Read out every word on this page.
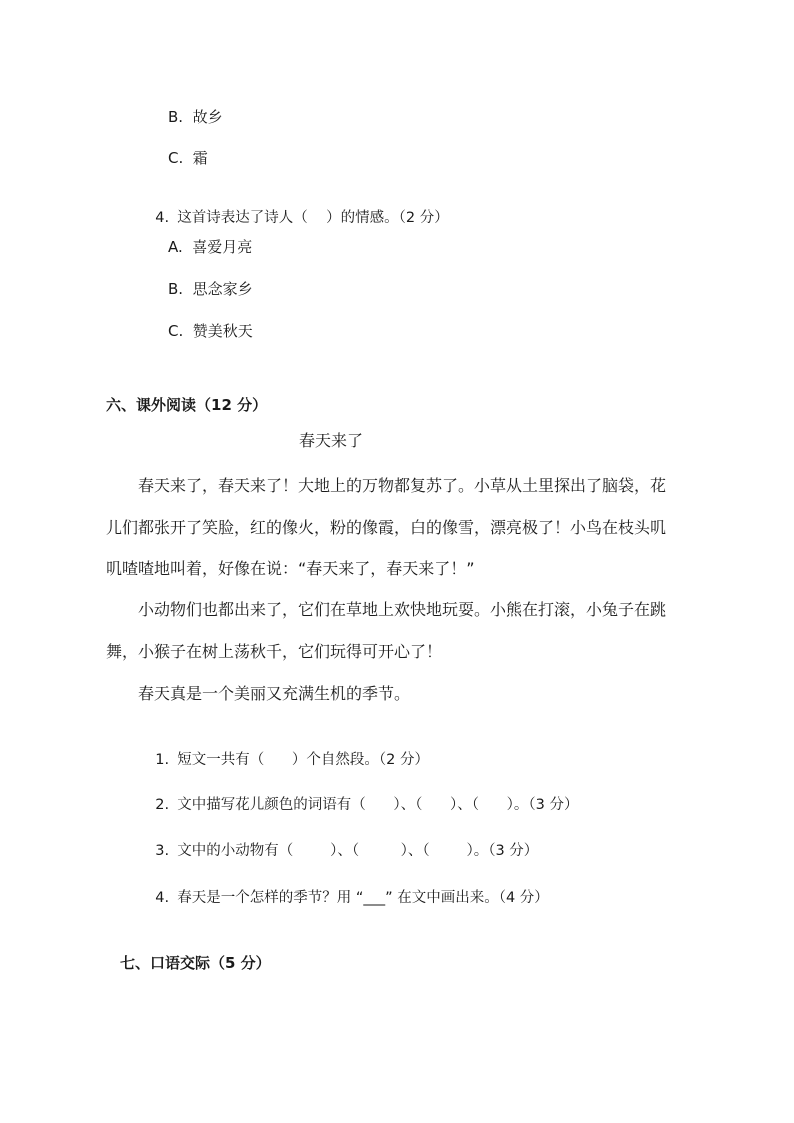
B.  故乡
C.  霜

4. 这首诗表达了诗人（    ）的情感。（2 分）

A.  喜爱月亮
B.  思念家乡
C.  赞美秋天
六、课外阅读（12 分）
春天来了
春天来了，春天来了！大地上的万物都复苏了。小草从土里探出了脑袋，花
儿们都张开了笑脸，红的像火，粉的像霞，白的像雪，漂亮极了！小鸟在枝头叽
叽喳喳地叫着，好像在说：“春天来了，春天来了！”
小动物们也都出来了，它们在草地上欢快地玩耍。小熊在打滚，小兔子在跳
舞，小猴子在树上荡秋千，它们玩得可开心了！
春天真是一个美丽又充满生机的季节。

1. 短文一共有（      ）个自然段。（2 分）

2. 文中描写花儿颜色的词语有（      ）、（      ）、（      ）。（3 分）

3. 文中的小动物有（        ）、（         ）、（        ）。（3 分）

4. 春天是一个怎样的季节？用 “___” 在文中画出来。（4 分）

七、口语交际（5 分）
